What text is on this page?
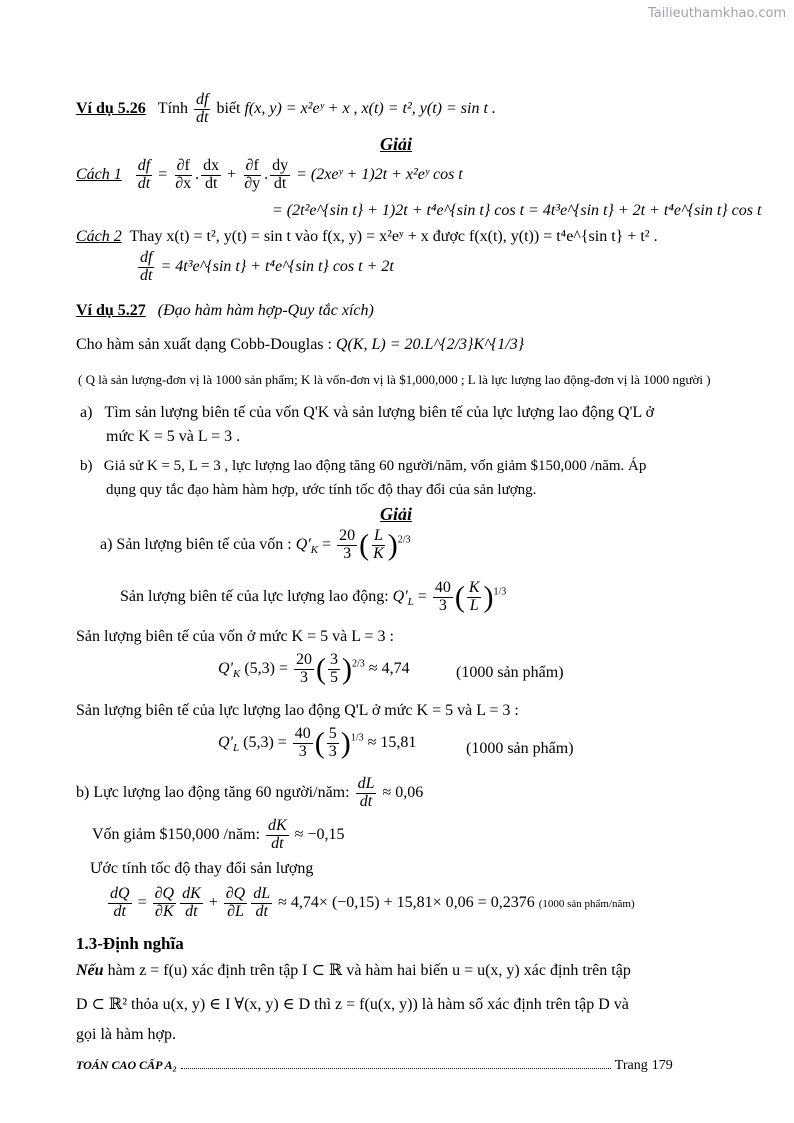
Tailieuthamkhao.com
Ví dụ 5.26 Tính $\frac{df}{dt}$ biết f(x, y) = x²eʸ + x , x(t) = t², y(t) = sin t .
Giải
Cách $1 \frac{df}{dt} = \frac{\partial f}{\partial x}$ . $\frac{dx}{dt} + \frac{\partial f}{\partial y}$ . $\frac{dy}{dt}$ = (2xeʸ + 1)2t + x²eʸ cos t
= (2t²e^{sin t} + 1)2t + t⁴e^{sin t} cos t = 4t³e^{sin t} + 2t + t⁴e^{sin t} cos t
Cách 2 Thay x(t) = t², y(t) = sin t vào f(x, y) = x²eʸ + x được f(x(t), y(t)) = t⁴e^{sin t} + t² .
$\frac{df}{dt}$ = 4t³e^{sin t} + t⁴e^{sin t} cos t + 2t
Ví dụ 5.27 (Đạo hàm hàm hợp-Quy tắc xích)
Cho hàm sản xuất dạng Cobb-Douglas : Q(K, L) = 20.L^{2/3}K^{1/3}
( Q là sản lượng-đơn vị là 1000 sản phẩm; K là vốn-đơn vị là $1,000,000 ; L là lực lượng lao động-đơn vị là 1000 người )
a) Tìm sản lượng biên tế của vốn Q'K và sản lượng biên tế của lực lượng lao động Q'L ở
mức K = 5 và L = 3 .
b) Giả sử K = 5, L = 3 , lực lượng lao động tăng 60 người/năm, vốn giảm $150,000 /năm. Áp
dụng quy tắc đạo hàm hàm hợp, ước tính tốc độ thay đổi của sản lượng.
Giải
a) Sản lượng biên tế của vốn : $Q'_K = \frac{20}{3}$ ( $\frac{L}{K} )^{2/3}$
Sản lượng biên tế của lực lượng lao động: $Q'_L = \frac{40}{3}$ ( $\frac{K}{L} )^{1/3}$
Sản lượng biên tế của vốn ở mức K = 5 và L = 3 :
$Q'_K$ $(5,3) = \frac{20}{3}$ ( $\frac{3}{5} )^{2/3} \approx 4,74$	(1000 sản phẩm)
Sản lượng biên tế của lực lượng lao động Q'L ở mức K = 5 và L = 3 :
$Q'_L$ $(5,3) = \frac{40}{3}$ ( $\frac{5}{3} )^{1/3} \approx 15,81$	(1000 sản phẩm)
b) Lực lượng lao động tăng 60 người/năm: $\frac{dL}{dt} \approx 0,06$
Vốn giảm $150,000 /năm: $\frac{dK}{dt} \approx -0,15$
Ước tính tốc độ thay đổi sản lượng
$\frac{dQ}{dt} = \frac{\partial Q}{\partial K} \frac{dK}{dt} + \frac{\partial Q}{\partial L} \frac{dL}{dt} \approx 4,74\times (-0,15) + 15,81\times 0,06 = 0,2376$ (1000 sản phẩm/năm)
1.3-Định nghĩa
Nếu hàm z = f(u) xác định trên tập I ⊂ ℝ và hàm hai biến u = u(x, y) xác định trên tập
D ⊂ ℝ² thỏa u(x, y) ∈ I ∀(x, y) ∈ D thì z = f(u(x, y)) là hàm số xác định trên tập D và
gọi là hàm hợp.
TOÁN CAO CẤP A₂	Trang 179
